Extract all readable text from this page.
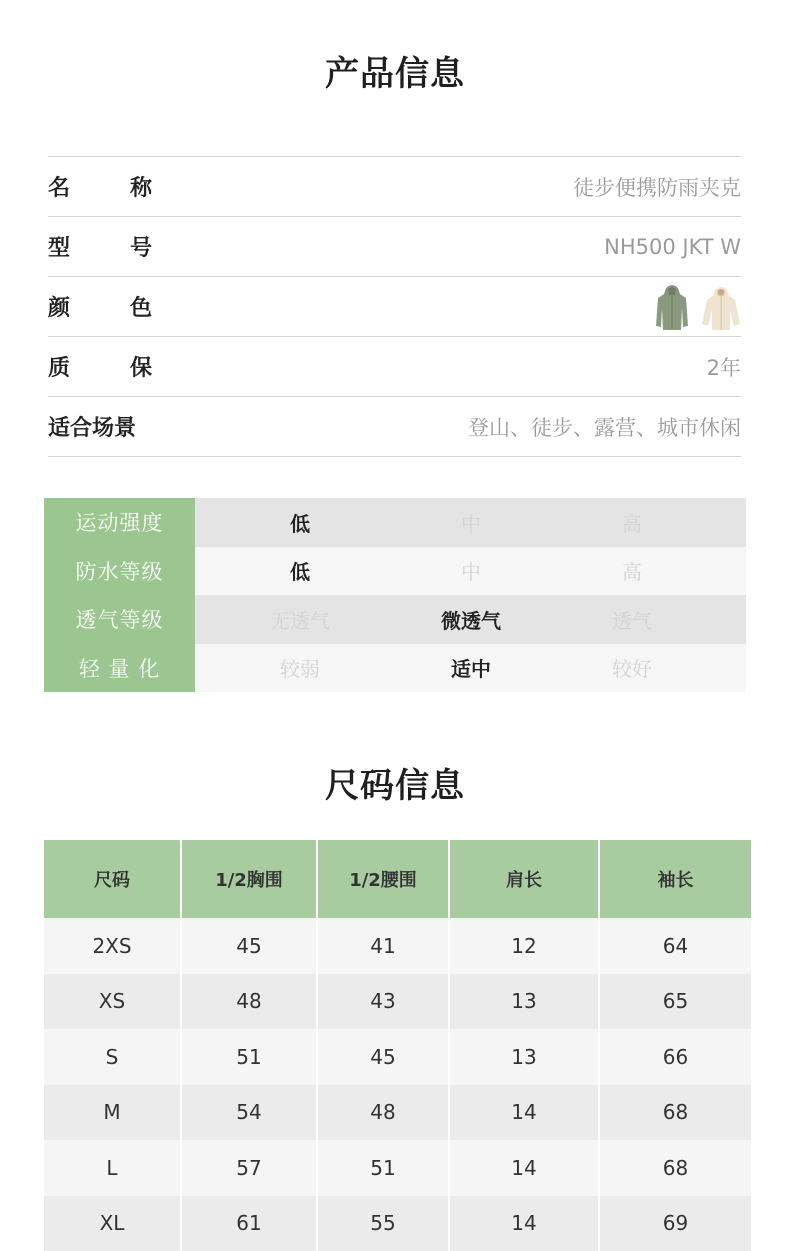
产品信息
名	称	徒步便携防雨夹克
型	号	NH500 JKT W
颜	色
质	保	2年
适合场景	登山、徒步、露营、城市休闲
运动强度	低	中	高
防水等级	低	中	高
透气等级	无透气	微透气	透气
轻 量 化	较弱	适中	较好
尺码信息
尺码	1/2胸围	1/2腰围	肩长	袖长
2XS	45	41	12	64
XS	48	43	13	65
S	51	45	13	66
M	54	48	14	68
L	57	51	14	68
XL	61	55	14	69
